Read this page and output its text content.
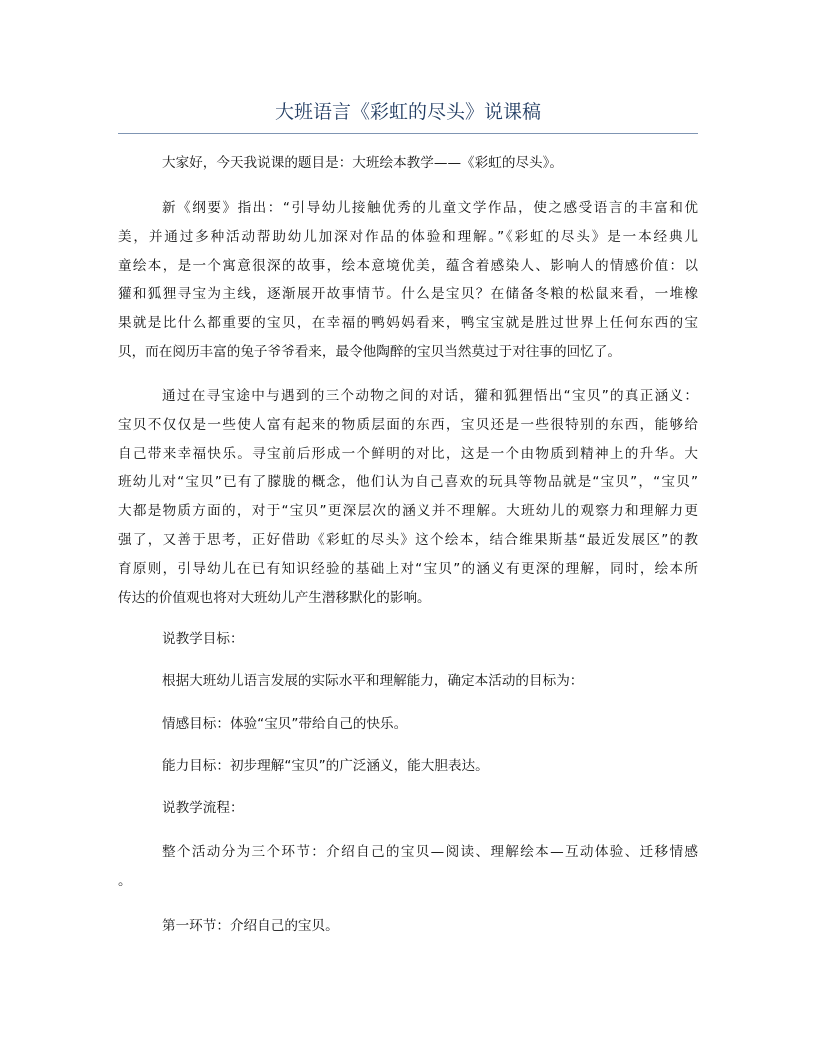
大班语言《彩虹的尽头》说课稿
大家好，今天我说课的题目是：大班绘本教学——《彩虹的尽头》。
新《纲要》指出：“引导幼儿接触优秀的儿童文学作品，使之感受语言的丰富和优
美，并通过多种活动帮助幼儿加深对作品的体验和理解。”《彩虹的尽头》是一本经典儿
童绘本，是一个寓意很深的故事，绘本意境优美，蕴含着感染人、影响人的情感价值：以
獾和狐狸寻宝为主线，逐渐展开故事情节。什么是宝贝？在储备冬粮的松鼠来看，一堆橡
果就是比什么都重要的宝贝，在幸福的鸭妈妈看来，鸭宝宝就是胜过世界上任何东西的宝
贝，而在阅历丰富的兔子爷爷看来，最令他陶醉的宝贝当然莫过于对往事的回忆了。
通过在寻宝途中与遇到的三个动物之间的对话，獾和狐狸悟出“宝贝”的真正涵义：
宝贝不仅仅是一些使人富有起来的物质层面的东西，宝贝还是一些很特别的东西，能够给
自己带来幸福快乐。寻宝前后形成一个鲜明的对比，这是一个由物质到精神上的升华。大
班幼儿对“宝贝”已有了朦胧的概念，他们认为自己喜欢的玩具等物品就是“宝贝”，“宝贝”
大都是物质方面的，对于“宝贝”更深层次的涵义并不理解。大班幼儿的观察力和理解力更
强了，又善于思考，正好借助《彩虹的尽头》这个绘本，结合维果斯基“最近发展区”的教
育原则，引导幼儿在已有知识经验的基础上对“宝贝”的涵义有更深的理解，同时，绘本所
传达的价值观也将对大班幼儿产生潜移默化的影响。
说教学目标：
根据大班幼儿语言发展的实际水平和理解能力，确定本活动的目标为：
情感目标：体验“宝贝”带给自己的快乐。
能力目标：初步理解“宝贝”的广泛涵义，能大胆表达。
说教学流程：
整个活动分为三个环节：介绍自己的宝贝—阅读、理解绘本—互动体验、迁移情感
。
第一环节：介绍自己的宝贝。
